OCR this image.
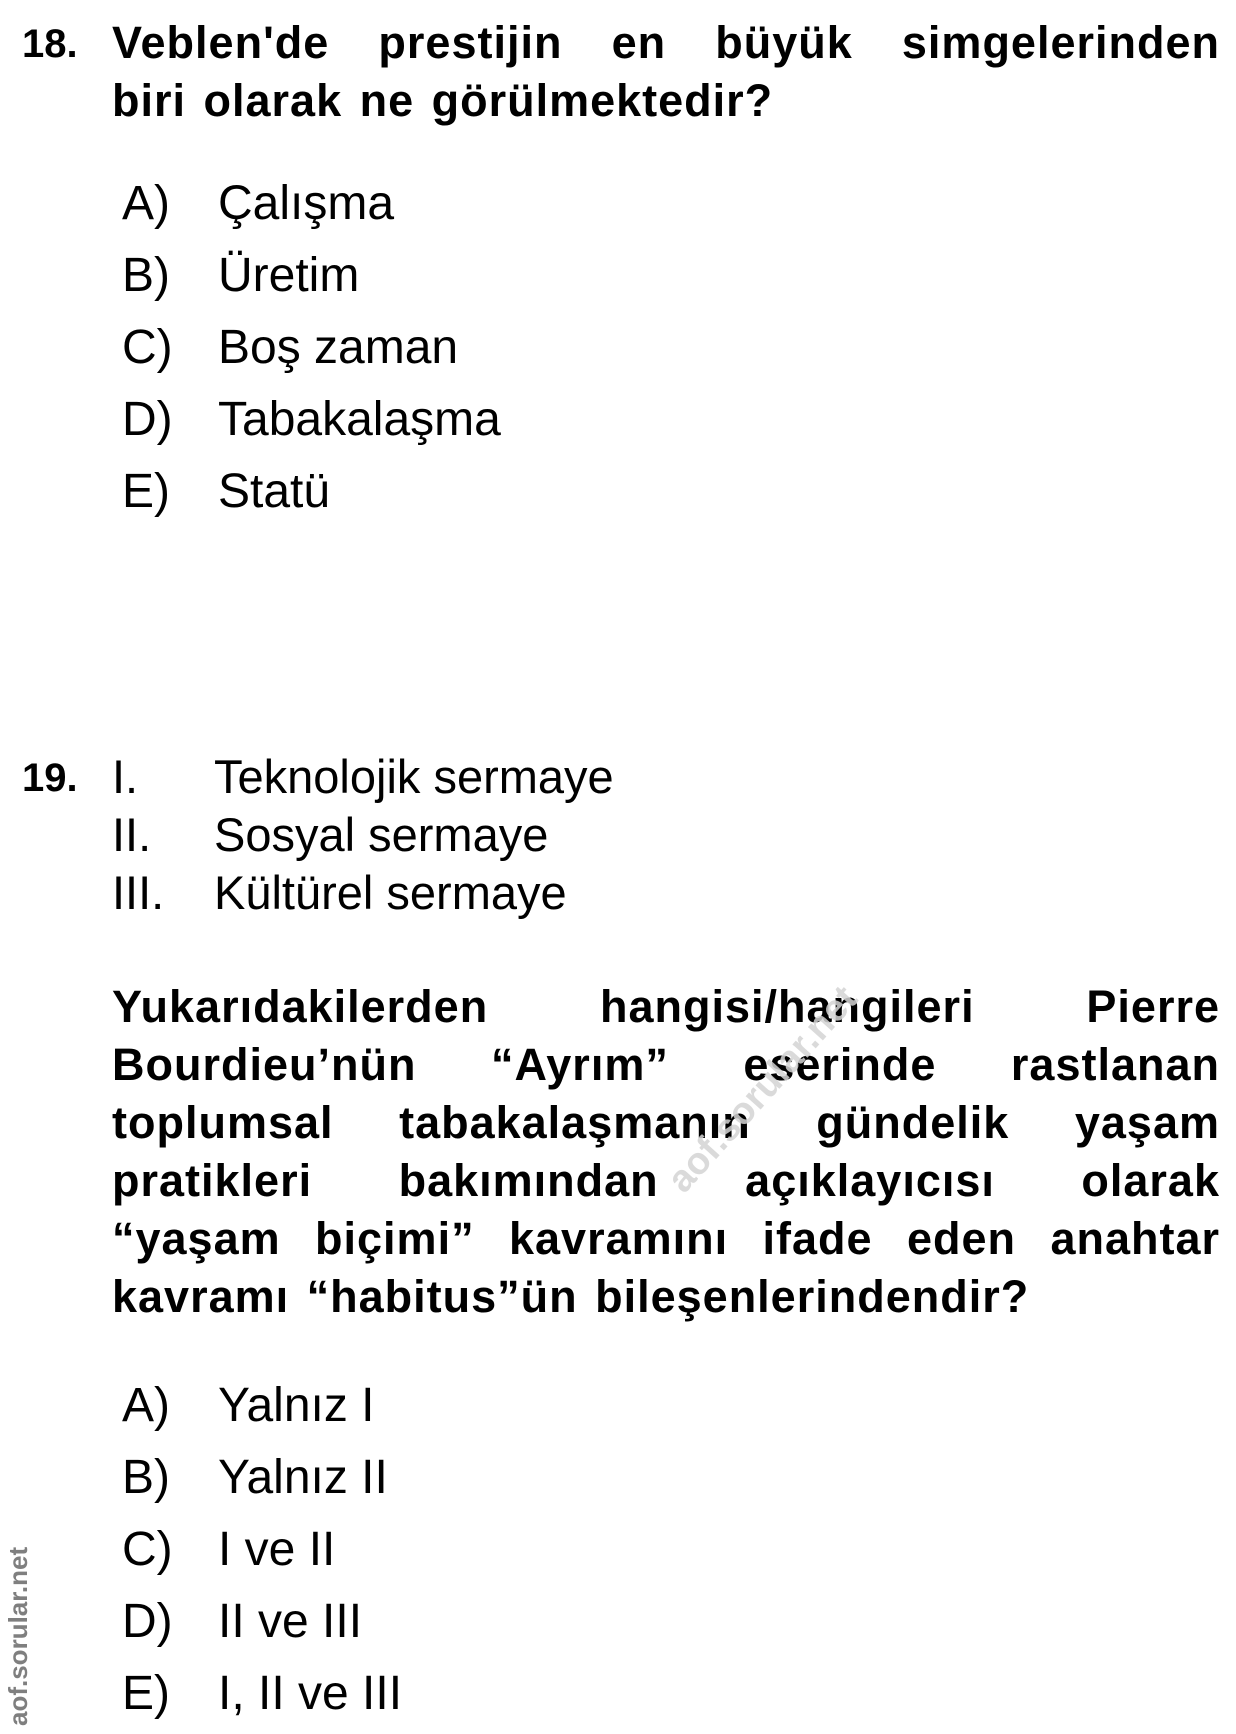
18. Veblen'de prestijin en büyük simgelerinden
biri olarak ne görülmektedir?
A)	Çalışma
B)	Üretim
C) Boş zaman
D) Tabakalaşma
E)	Statü
19. I.	Teknolojik sermaye
II.	Sosyal sermaye
III.	Kültürel sermaye
Yukarıdakilerden hangisi/hangileri Pierre
Bourdieu’nün “Ayrım” eserinde rastlanan
toplumsal tabakalaşmanın gündelik yaşam
pratikleri bakımından açıklayıcısı olarak
“yaşam biçimi” kavramını ifade eden anahtar
kavramı “habitus”ün bileşenlerindendir?
A)	Yalnız I
B)	Yalnız II
C) I ve II
D) II ve III
E)	I, II ve III
aof.sorular.net
aof.sorular.net
